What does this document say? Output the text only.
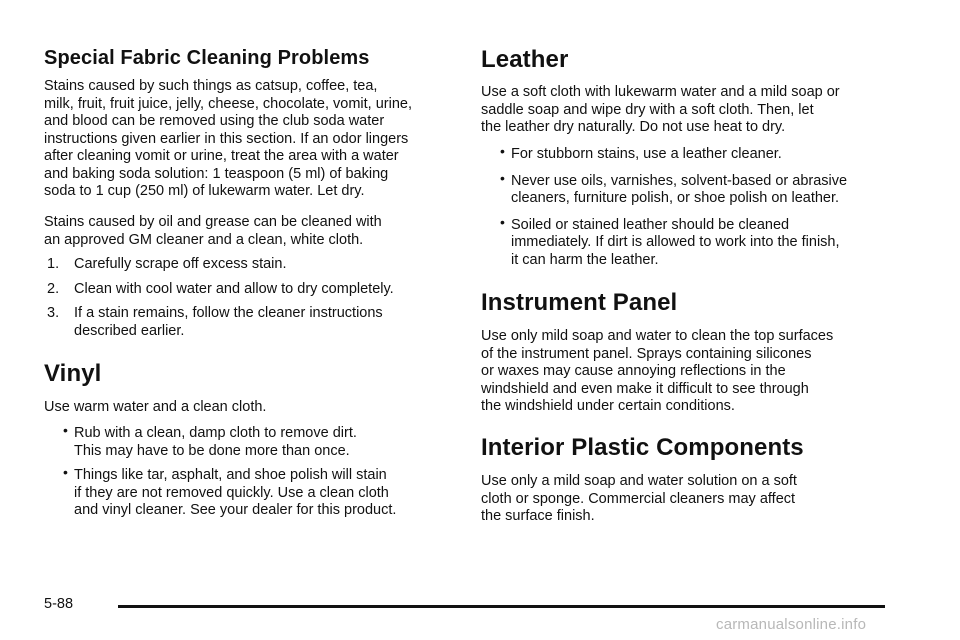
Special Fabric Cleaning Problems

Stains caused by such things as catsup, coffee, tea,

milk, fruit, fruit juice, jelly, cheese, chocolate, vomit, urine,

and blood can be removed using the club soda water

instructions given earlier in this section. If an odor lingers

after cleaning vomit or urine, treat the area with a water

and baking soda solution: 1 teaspoon (5 ml) of baking

soda to 1 cup (250 ml) of lukewarm water. Let dry.

Stains caused by oil and grease can be cleaned with

an approved GM cleaner and a clean, white cloth.

1. Carefully scrape off excess stain.
2. Clean with cool water and allow to dry completely.
3. If a stain remains, follow the cleaner instructions
described earlier.
Vinyl

Use warm water and a clean cloth.

• Rub with a clean, damp cloth to remove dirt.
This may have to be done more than once.
• Things like tar, asphalt, and shoe polish will stain
if they are not removed quickly. Use a clean cloth
and vinyl cleaner. See your dealer for this product.
Leather

Use a soft cloth with lukewarm water and a mild soap or

saddle soap and wipe dry with a soft cloth. Then, let

the leather dry naturally. Do not use heat to dry.

• For stubborn stains, use a leather cleaner.
• Never use oils, varnishes, solvent-based or abrasive
cleaners, furniture polish, or shoe polish on leather.
• Soiled or stained leather should be cleaned
immediately. If dirt is allowed to work into the finish,
it can harm the leather.
Instrument Panel

Use only mild soap and water to clean the top surfaces

of the instrument panel. Sprays containing silicones

or waxes may cause annoying reflections in the

windshield and even make it difficult to see through

the windshield under certain conditions.

Interior Plastic Components

Use only a mild soap and water solution on a soft

cloth or sponge. Commercial cleaners may affect

the surface finish.

5-88
carmanualsonline.info
